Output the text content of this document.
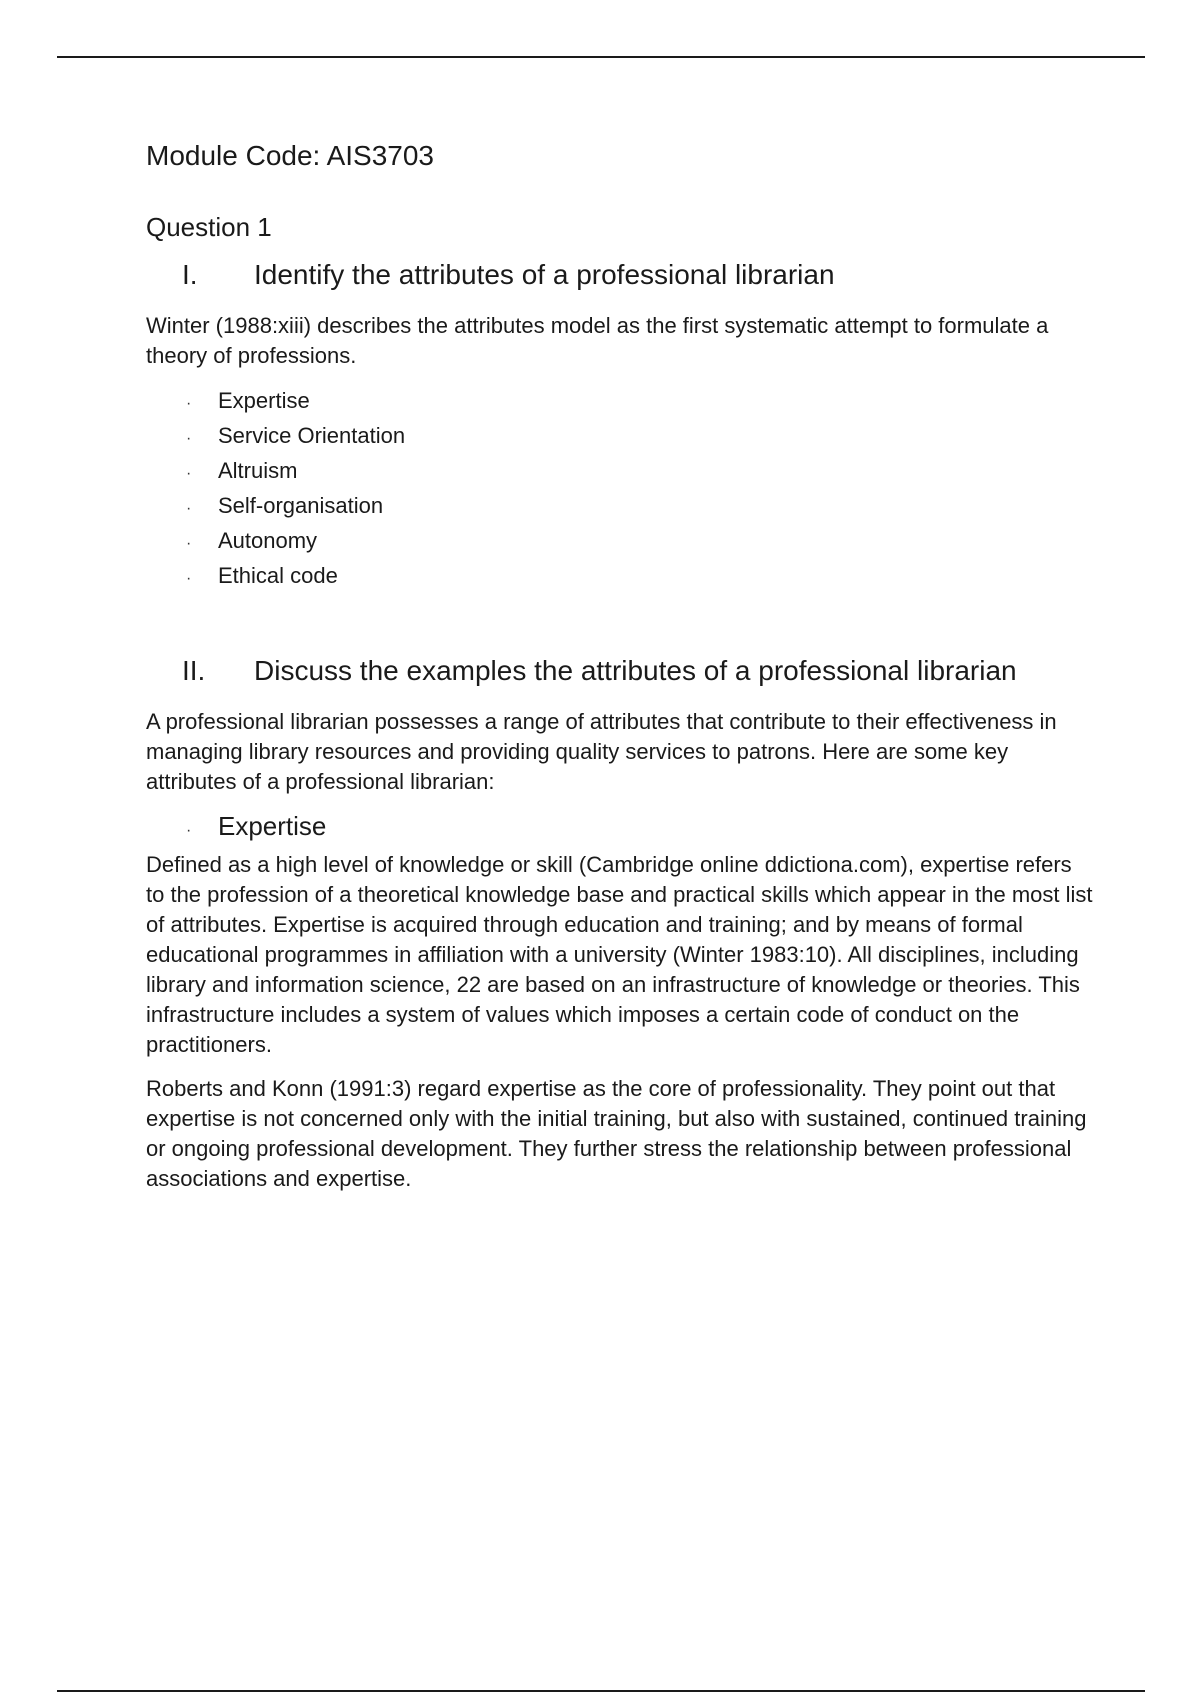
Module Code: AIS3703
Question 1
I.	Identify the attributes of a professional librarian

Winter (1988:xiii) describes the attributes model as the first systematic attempt to formulate a theory of professions.

·	Expertise
·	Service Orientation
·	Altruism
·	Self-organisation
·	Autonomy
·	Ethical code
II.	Discuss the examples the attributes of a professional librarian

A professional librarian possesses a range of attributes that contribute to their effectiveness in managing library resources and providing quality services to patrons. Here are some key attributes of a professional librarian:

·	Expertise

Defined as a high level of knowledge or skill (Cambridge online ddictiona.com), expertise refers to the profession of a theoretical knowledge base and practical skills which appear in the most list of attributes. Expertise is acquired through education and training; and by means of formal educational programmes in affiliation with a university (Winter 1983:10). All disciplines, including library and information science, 22 are based on an infrastructure of knowledge or theories. This infrastructure includes a system of values which imposes a certain code of conduct on the practitioners.

Roberts and Konn (1991:3) regard expertise as the core of professionality. They point out that expertise is not concerned only with the initial training, but also with sustained, continued training or ongoing professional development. They further stress the relationship between professional associations and expertise.
